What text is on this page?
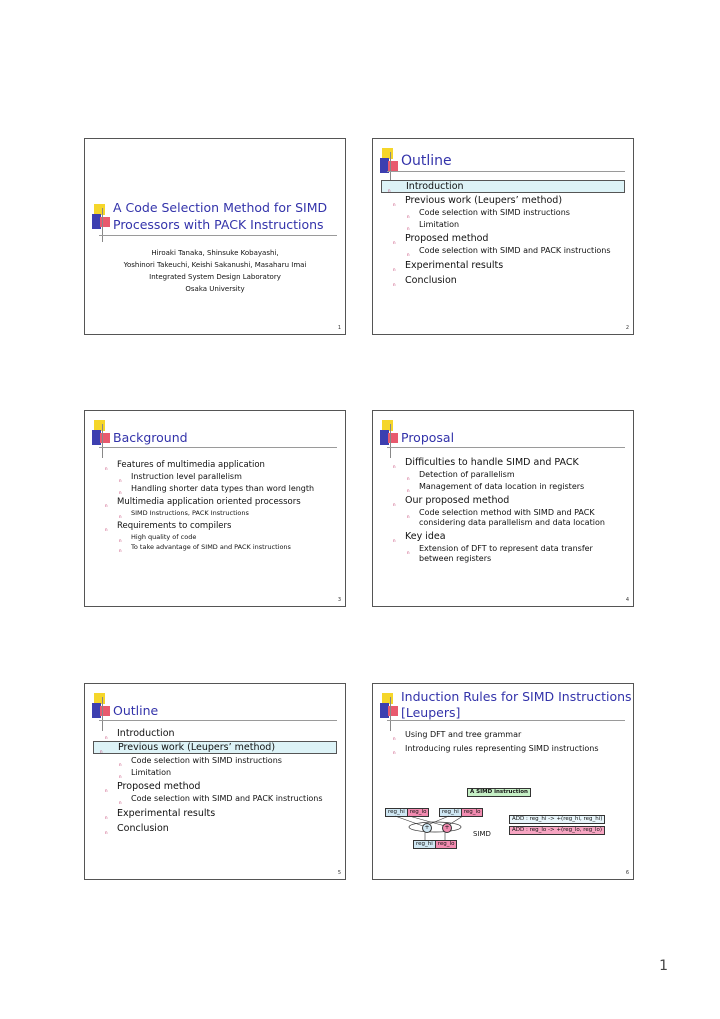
A Code Selection Method for SIMD
Processors with PACK Instructions
Hiroaki Tanaka, Shinsuke Kobayashi,
Yoshinori Takeuchi, Keishi Sakanushi, Masaharu Imai
Integrated System Design Laboratory
Osaka University
1
Outline
n Introduction
n Previous work (Leupers’ method)
n Code selection with SIMD instructions
n Limitation
n Proposed method
n Code selection with SIMD and PACK instructions
n Experimental results
n Conclusion
2
Background
n Features of multimedia application
n Instruction level parallelism
n Handling shorter data types than word length
n Multimedia application oriented processors
n SIMD Instructions, PACK Instructions
n Requirements to compilers
n High quality of code
n To take advantage of SIMD and PACK instructions
3
Proposal
n Difficulties to handle SIMD and PACK
n Detection of parallelism
n Management of data location in registers
n Our proposed method
n Code selection method with SIMD and PACK considering data parallelism and data location
n Key idea
n Extension of DFT to represent data transfer between registers
4
Outline
n Introduction
n Previous work (Leupers’ method)
n Code selection with SIMD instructions
n Limitation
n Proposed method
n Code selection with SIMD and PACK instructions
n Experimental results
n Conclusion
5
Induction Rules for SIMD Instructions
[Leupers]
n Using DFT and tree grammar
n Introducing rules representing SIMD instructions
A SIMD instruction
reg_hi reg_lo	reg_hi reg_lo
+	+
SIMD
reg_hi reg_lo
ADD : reg_hi -> +(reg_hi, reg_hi)
ADD : reg_lo -> +(reg_lo, reg_lo)
6
1
